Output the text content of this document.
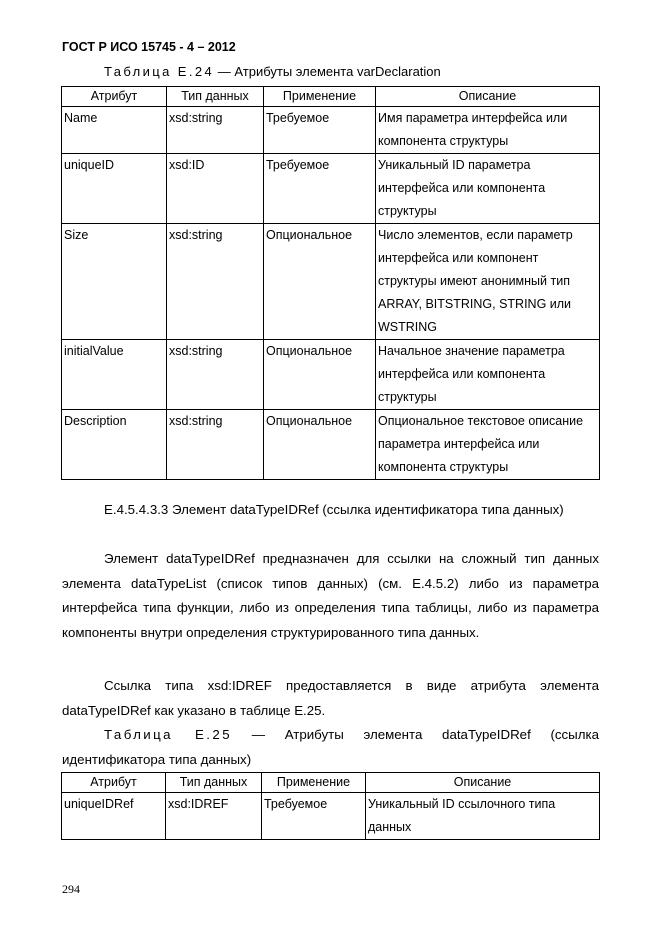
ГОСТ Р ИСО 15745 - 4 – 2012
Таблица Е.24 — Атрибуты элемента varDeclaration
Атрибут	Тип данных	Применение	Описание
Name	xsd:string	Требуемое	Имя параметра интерфейса или компонента структуры
uniqueID	xsd:ID	Требуемое	Уникальный ID параметра интерфейса или компонента структуры
Size	xsd:string	Опциональное	Число элементов, если параметр интерфейса или компонент структуры имеют анонимный тип ARRAY, BITSTRING, STRING или WSTRING
initialValue	xsd:string	Опциональное	Начальное значение параметра интерфейса или компонента структуры
Description	xsd:string	Опциональное	Опциональное текстовое описание параметра интерфейса или компонента структуры

E.4.5.4.3.3 Элемент dataTypeIDRef (ссылка идентификатора типа данных)

Элемент dataTypeIDRef предназначен для ссылки на сложный тип данных элемента dataTypeList (список типов данных) (см. Е.4.5.2) либо из параметра интерфейса типа функции, либо из определения типа таблицы, либо из параметра компоненты внутри определения структурированного типа данных.

Ссылка типа xsd:IDREF предоставляется в виде атрибута элемента dataTypeIDRef как указано в таблице Е.25.

Таблица Е.25 — Атрибуты элемента dataTypeIDRef (ссылка идентификатора типа данных)
Атрибут	Тип данных	Применение	Описание
uniqueIDRef	xsd:IDREF	Требуемое	Уникальный ID ссылочного типа данных
294
